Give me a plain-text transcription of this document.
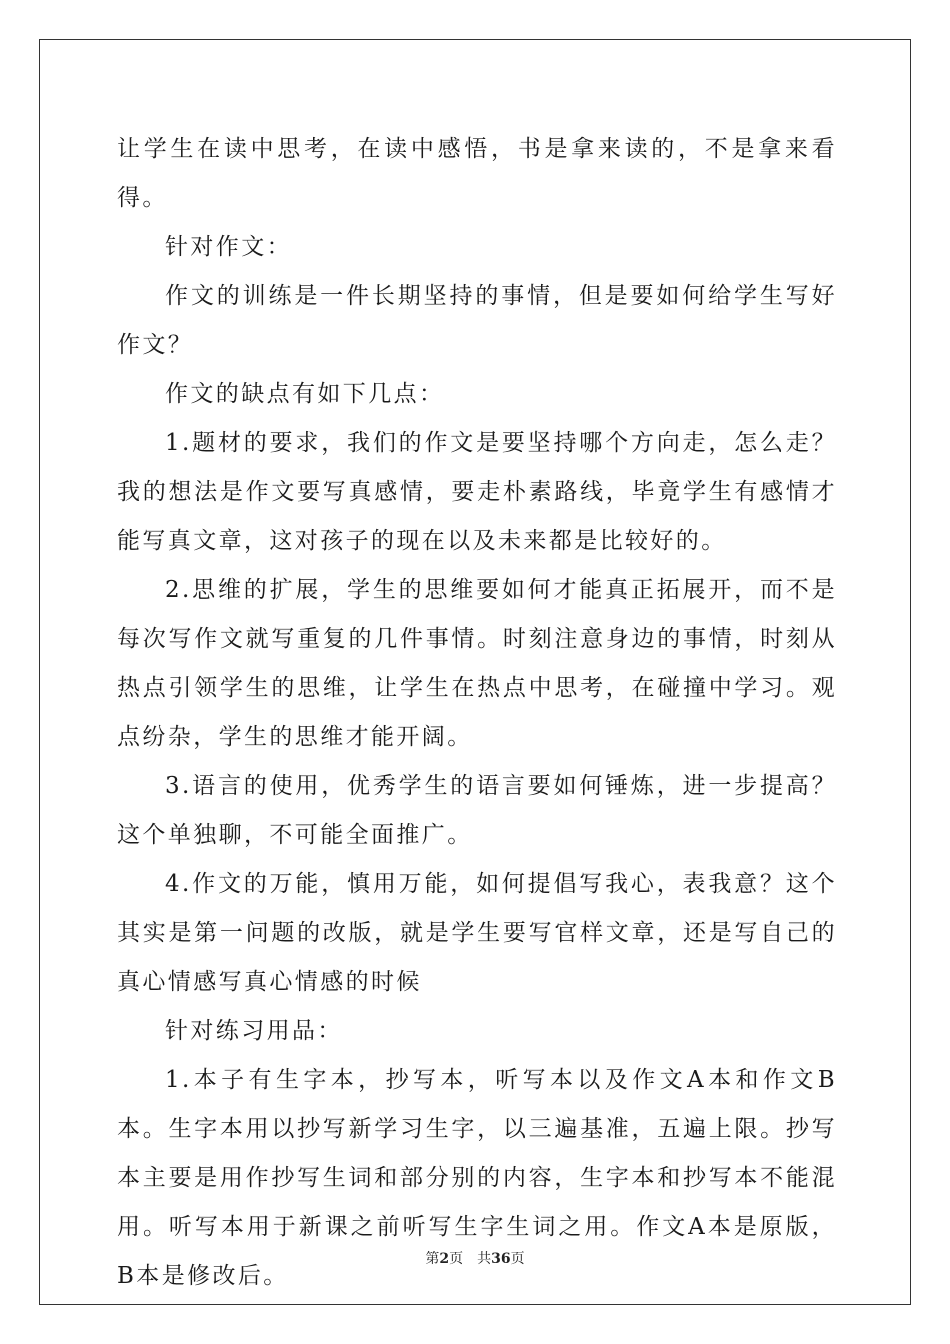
让学生在读中思考，在读中感悟，书是拿来读的，不是拿来看得。

针对作文：

作文的训练是一件长期坚持的事情，但是要如何给学生写好作文？

作文的缺点有如下几点：

1.题材的要求，我们的作文是要坚持哪个方向走，怎么走？我的想法是作文要写真感情，要走朴素路线，毕竟学生有感情才能写真文章，这对孩子的现在以及未来都是比较好的。

2.思维的扩展，学生的思维要如何才能真正拓展开，而不是每次写作文就写重复的几件事情。时刻注意身边的事情，时刻从热点引领学生的思维，让学生在热点中思考，在碰撞中学习。观点纷杂，学生的思维才能开阔。

3.语言的使用，优秀学生的语言要如何锤炼，进一步提高？这个单独聊，不可能全面推广。

4.作文的万能，慎用万能，如何提倡写我心，表我意？这个其实是第一问题的改版，就是学生要写官样文章，还是写自己的真心情感写真心情感的时候

针对练习用品：

1.本子有生字本，抄写本，听写本以及作文A本和作文B本。生字本用以抄写新学习生字，以三遍基准，五遍上限。抄写本主要是用作抄写生词和部分别的内容，生字本和抄写本不能混用。听写本用于新课之前听写生字生词之用。作文A本是原版，B本是修改后。

第2页 共36页
